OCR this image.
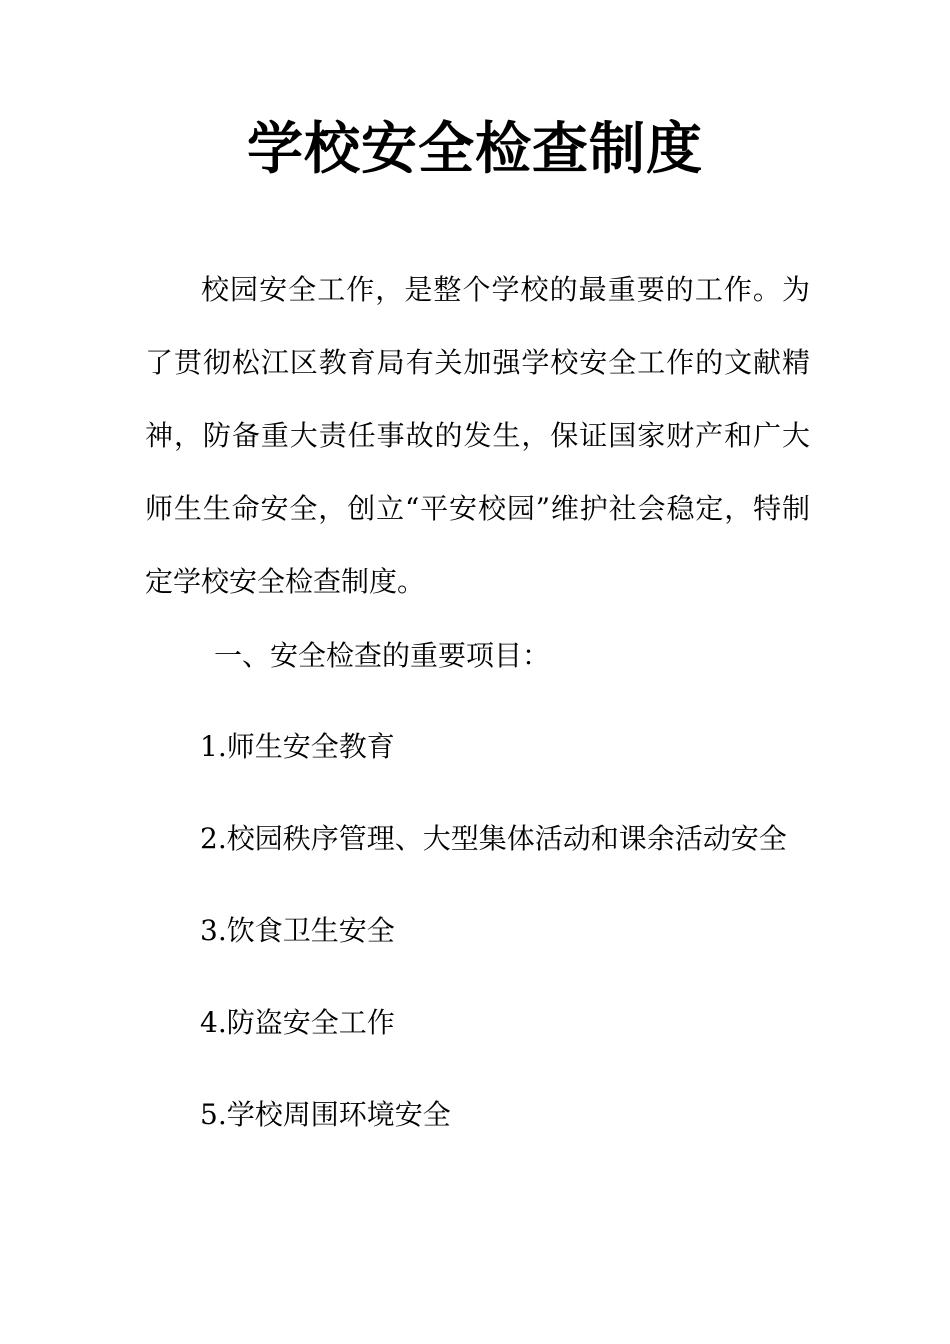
学校安全检查制度

校园安全工作，是整个学校的最重要的工作。为了贯彻松江区教育局有关加强学校安全工作的文献精神，防备重大责任事故的发生，保证国家财产和广大师生生命安全，创立“平安校园”维护社会稳定，特制　定学校安全检查制度。

一、安全检查的重要项目：

1.师生安全教育

2.校园秩序管理、大型集体活动和课余活动安全

3.饮食卫生安全

4.防盗安全工作

5.学校周围环境安全
